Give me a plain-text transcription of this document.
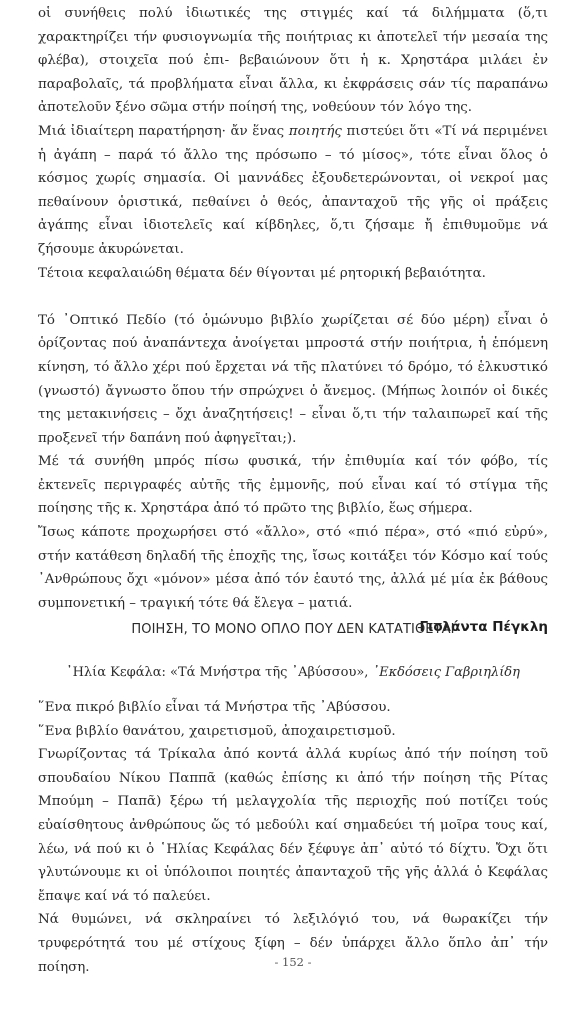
οἱ συνήθεις πολύ ἰδιωτικές της στιγμές καί τά διλήμματα (ὅ,τι χαρακτηρίζει τήν φυσιογνωμία τῆς ποιήτριας κι ἀποτελεῖ τήν μεσαία της φλέβα), στοιχεῖα πού ἐπι- βεβαιώνουν ὅτι ἡ κ. Χρηστάρα μιλάει ἐν παραβολαῖς, τά προβλήματα εἶναι ἄλλα, κι ἐκφράσεις σάν τίς παραπάνω ἀποτελοῦν ξένο σῶμα στήν ποίησή της, νοθεύουν τόν λόγο της.

Μιά ἰδιαίτερη παρατήρηση· ἄν ἕνας ποιητής πιστεύει ὅτι «Τί νά περιμένει ἡ ἀγάπη – παρά τό ἄλλο της πρόσωπο – τό μίσος», τότε εἶναι ὅλος ὁ κόσμος χωρίς σημασία. Οἱ μαννάδες ἐξουδετερώνονται, οἱ νεκροί μας πεθαίνουν ὁριστικά, πεθαίνει ὁ θεός, ἀπανταχοῦ τῆς γῆς οἱ πράξεις ἀγάπης εἶναι ἰδιοτελεῖς καί κίβδηλες, ὅ,τι ζήσαμε ἤ ἐπιθυμοῦμε νά ζήσουμε ἀκυρώνεται.

Τέτοια κεφαλαιώδη θέματα δέν θίγονται μέ ρητορική βεβαιότητα.

Τό ᾿Οπτικό Πεδίο (τό ὁμώνυμο βιβλίο χωρίζεται σέ δύο μέρη) εἶναι ὁ ὁρίζοντας πού ἀναπάντεχα ἀνοίγεται μπροστά στήν ποιήτρια, ἡ ἑπόμενη κίνηση, τό ἄλλο χέρι πού ἔρχεται νά τῆς πλατύνει τό δρόμο, τό ἑλκυστικό (γνωστό) ἄγνωστο ὅπου τήν σπρώχνει ὁ ἄνεμος. (Μήπως λοιπόν οἱ δικές της μετακινήσεις – ὄχι ἀναζητήσεις! – εἶναι ὅ,τι τήν ταλαιπωρεῖ καί τῆς προξενεῖ τήν δαπάνη πού ἀφηγεῖται;).

Μέ τά συνήθη μπρός πίσω φυσικά, τήν ἐπιθυμία καί τόν φόβο, τίς ἐκτενεῖς περιγραφές αὐτῆς τῆς ἐμμονῆς, πού εἶναι καί τό στίγμα τῆς ποίησης τῆς κ. Χρηστάρα ἀπό τό πρῶτο της βιβλίο, ἕως σήμερα.

Ἴσως κάποτε προχωρήσει στό «ἄλλο», στό «πιό πέρα», στό «πιό εὐρύ», στήν κατάθεση δηλαδή τῆς ἐποχῆς της, ἴσως κοιτάξει τόν Κόσμο καί τούς ᾿Ανθρώπους ὄχι «μόνον» μέσα ἀπό τόν ἑαυτό της, ἀλλά μέ μία ἐκ βάθους συμπονετική – τραγική τότε θά ἔλεγα – ματιά.

Γιολάντα Πέγκλη
ΠΟΙΗΣΗ, ΤΟ ΜΟΝΟ ΟΠΛΟ ΠΟΥ ΔΕΝ ΚΑΤΑΤΙΘΕΤΑΙ
᾿Ηλία Κεφάλα: «Τά Μνήστρα τῆς ᾿Αβύσσου», ᾿Εκδόσεις Γαβριηλίδη

῞Ενα πικρό βιβλίο εἶναι τά Μνήστρα τῆς ᾿Αβύσσου.

῞Ενα βιβλίο θανάτου, χαιρετισμοῦ, ἀποχαιρετισμοῦ.

Γνωρίζοντας τά Τρίκαλα ἀπό κοντά ἀλλά κυρίως ἀπό τήν ποίηση τοῦ σπουδαίου Νίκου Παππᾶ (καθώς ἐπίσης κι ἀπό τήν ποίηση τῆς Ρίτας Μπούμη – Παπᾶ) ξέρω τή μελαγχολία τῆς περιοχῆς πού ποτίζει τούς εὐαίσθητους ἀνθρώπους ὥς τό μεδούλι καί σημαδεύει τή μοῖρα τους καί, λέω, νά πού κι ὁ ῾Ηλίας Κεφάλας δέν ξέφυγε ἀπ᾿ αὐτό τό δίχτυ. Ὄχι ὅτι γλυτώνουμε κι οἱ ὑπόλοιποι ποιητές ἀπανταχοῦ τῆς γῆς ἀλλά ὁ Κεφάλας ἔπαψε καί νά τό παλεύει.

Νά θυμώνει, νά σκληραίνει τό λεξιλόγιό του, νά θωρακίζει τήν τρυφερότητά του μέ στίχους ξίφη – δέν ὑπάρχει ἄλλο ὅπλο ἀπ᾿ τήν ποίηση.	- 152 -
